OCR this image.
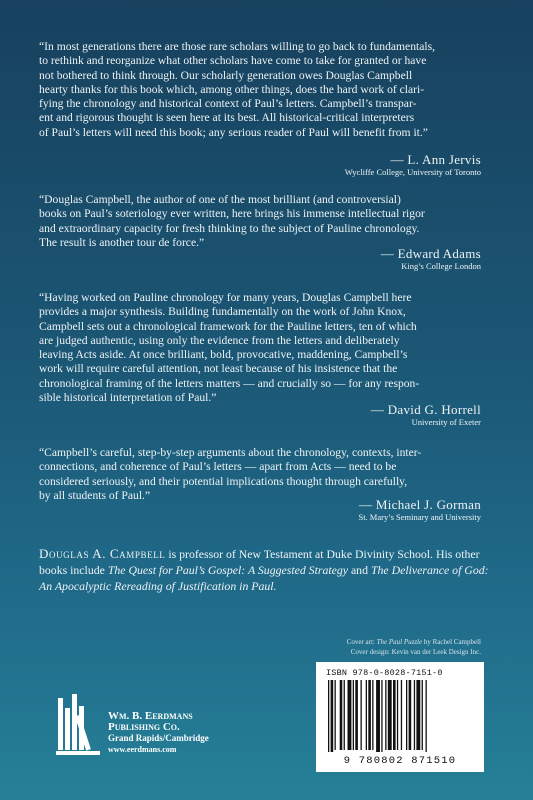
“In most generations there are those rare scholars willing to go back to fundamentals,
to rethink and reorganize what other scholars have come to take for granted or have
not bothered to think through. Our scholarly generation owes Douglas Campbell
hearty thanks for this book which, among other things, does the hard work of clari-
fying the chronology and historical context of Paul’s letters. Campbell’s transpar-
ent and rigorous thought is seen here at its best. All historical-critical interpreters
of Paul’s letters will need this book; any serious reader of Paul will benefit from it.”
— L. Ann Jervis
Wycliffe College, University of Toronto
“Douglas Campbell, the author of one of the most brilliant (and controversial)
books on Paul’s soteriology ever written, here brings his immense intellectual rigor
and extraordinary capacity for fresh thinking to the subject of Pauline chronology.
The result is another tour de force.”
— Edward Adams
King’s College London
“Having worked on Pauline chronology for many years, Douglas Campbell here
provides a major synthesis. Building fundamentally on the work of John Knox,
Campbell sets out a chronological framework for the Pauline letters, ten of which
are judged authentic, using only the evidence from the letters and deliberately
leaving Acts aside. At once brilliant, bold, provocative, maddening, Campbell’s
work will require careful attention, not least because of his insistence that the
chronological framing of the letters matters — and crucially so — for any respon-
sible historical interpretation of Paul.”
— David G. Horrell
University of Exeter
“Campbell’s careful, step-by-step arguments about the chronology, contexts, inter-
connections, and coherence of Paul’s letters — apart from Acts — need to be
considered seriously, and their potential implications thought through carefully,
by all students of Paul.”
— Michael J. Gorman
St. Mary’s Seminary and University
Douglas A. Campbell is professor of New Testament at Duke Divinity School. His other books include The Quest for Paul’s Gospel: A Suggested Strategy and The Deliverance of God: An Apocalyptic Rereading of Justification in Paul.
Cover art: The Paul Puzzle by Rachel Campbell
Cover design: Kevin van der Leek Design Inc.
Wm. B. Eerdmans
Publishing Co.
Grand Rapids/Cambridge
www.eerdmans.com
ISBN 978-0-8028-7151-0
9 780802 871510
